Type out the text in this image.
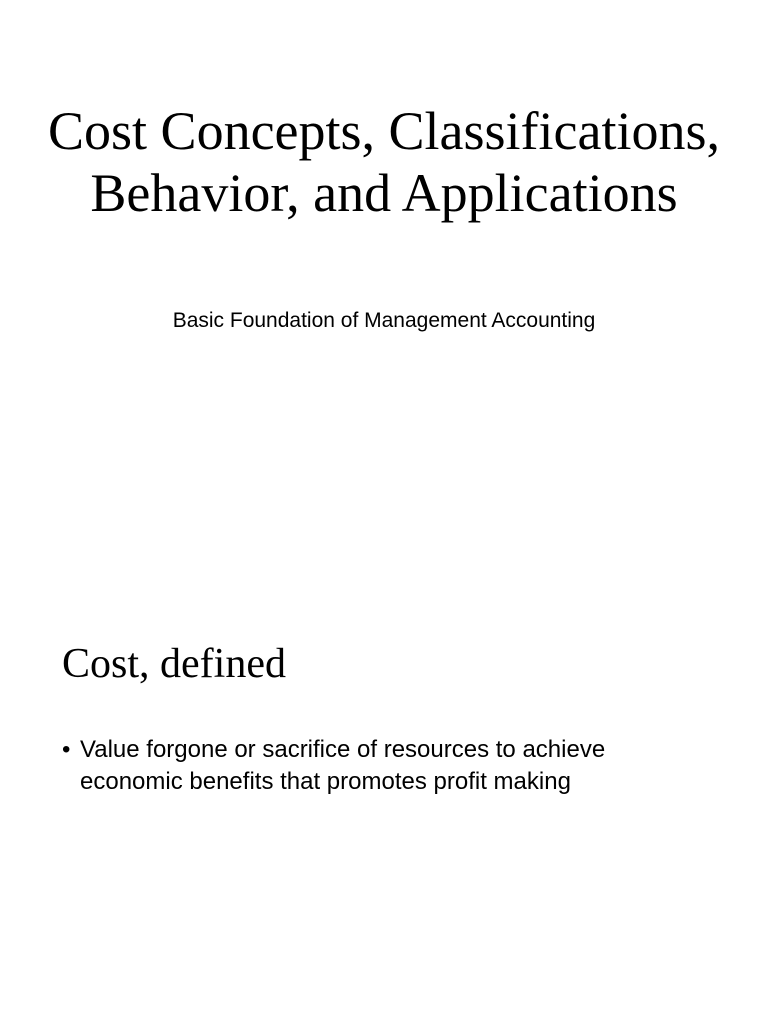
Cost Concepts, Classifications, Behavior, and Applications

Basic Foundation of Management Accounting

Cost, defined
• Value forgone or sacrifice of resources to achieve economic benefits that promotes profit making
